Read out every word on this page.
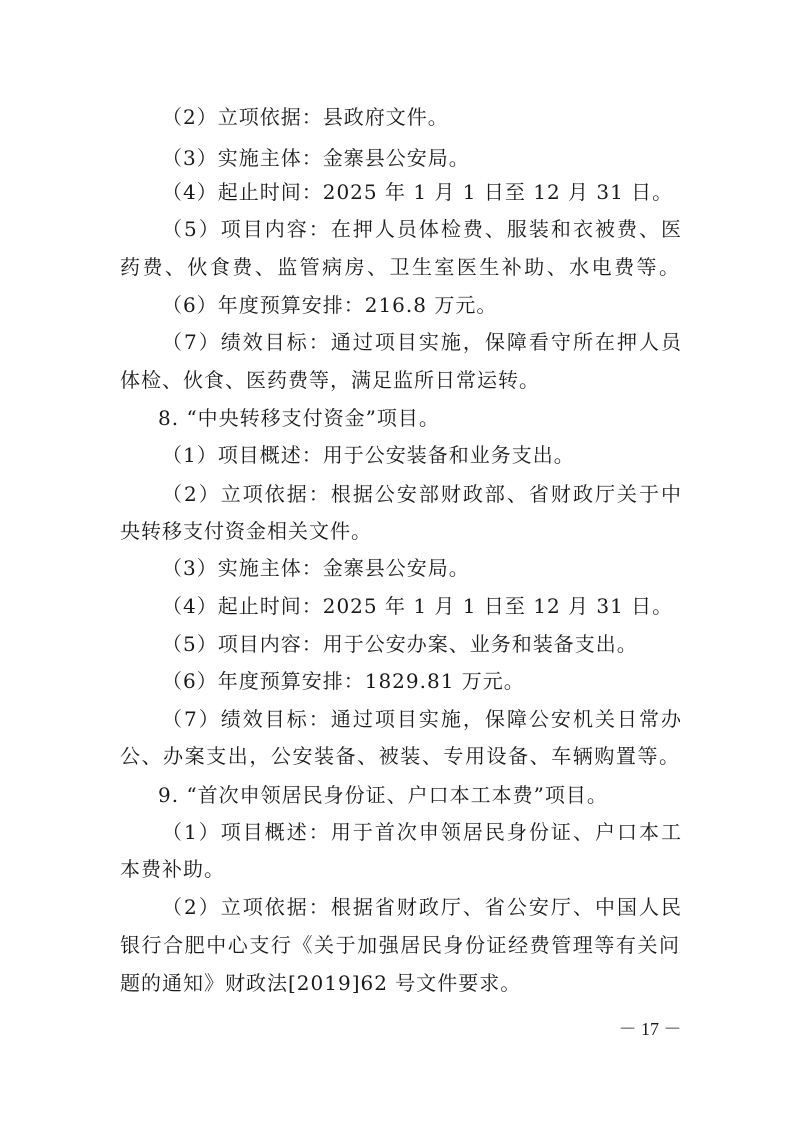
（2）立项依据：县政府文件。
（3）实施主体：金寨县公安局。
（4）起止时间：2025 年 1 月 1 日至 12 月 31 日。
（5）项目内容：在押人员体检费、服装和衣被费、医
药费、伙食费、监管病房、卫生室医生补助、水电费等。
（6）年度预算安排：216.8 万元。
（7）绩效目标：通过项目实施，保障看守所在押人员
体检、伙食、医药费等，满足监所日常运转。
8. “中央转移支付资金”项目。
（1）项目概述：用于公安装备和业务支出。
（2）立项依据：根据公安部财政部、省财政厅关于中
央转移支付资金相关文件。
（3）实施主体：金寨县公安局。
（4）起止时间：2025 年 1 月 1 日至 12 月 31 日。
（5）项目内容：用于公安办案、业务和装备支出。
（6）年度预算安排：1829.81 万元。
（7）绩效目标：通过项目实施，保障公安机关日常办
公、办案支出，公安装备、被装、专用设备、车辆购置等。
9. “首次申领居民身份证、户口本工本费”项目。
（1）项目概述：用于首次申领居民身份证、户口本工
本费补助。
（2）立项依据：根据省财政厅、省公安厅、中国人民
银行合肥中心支行《关于加强居民身份证经费管理等有关问
题的通知》财政法[2019]62 号文件要求。
－ 17 －
